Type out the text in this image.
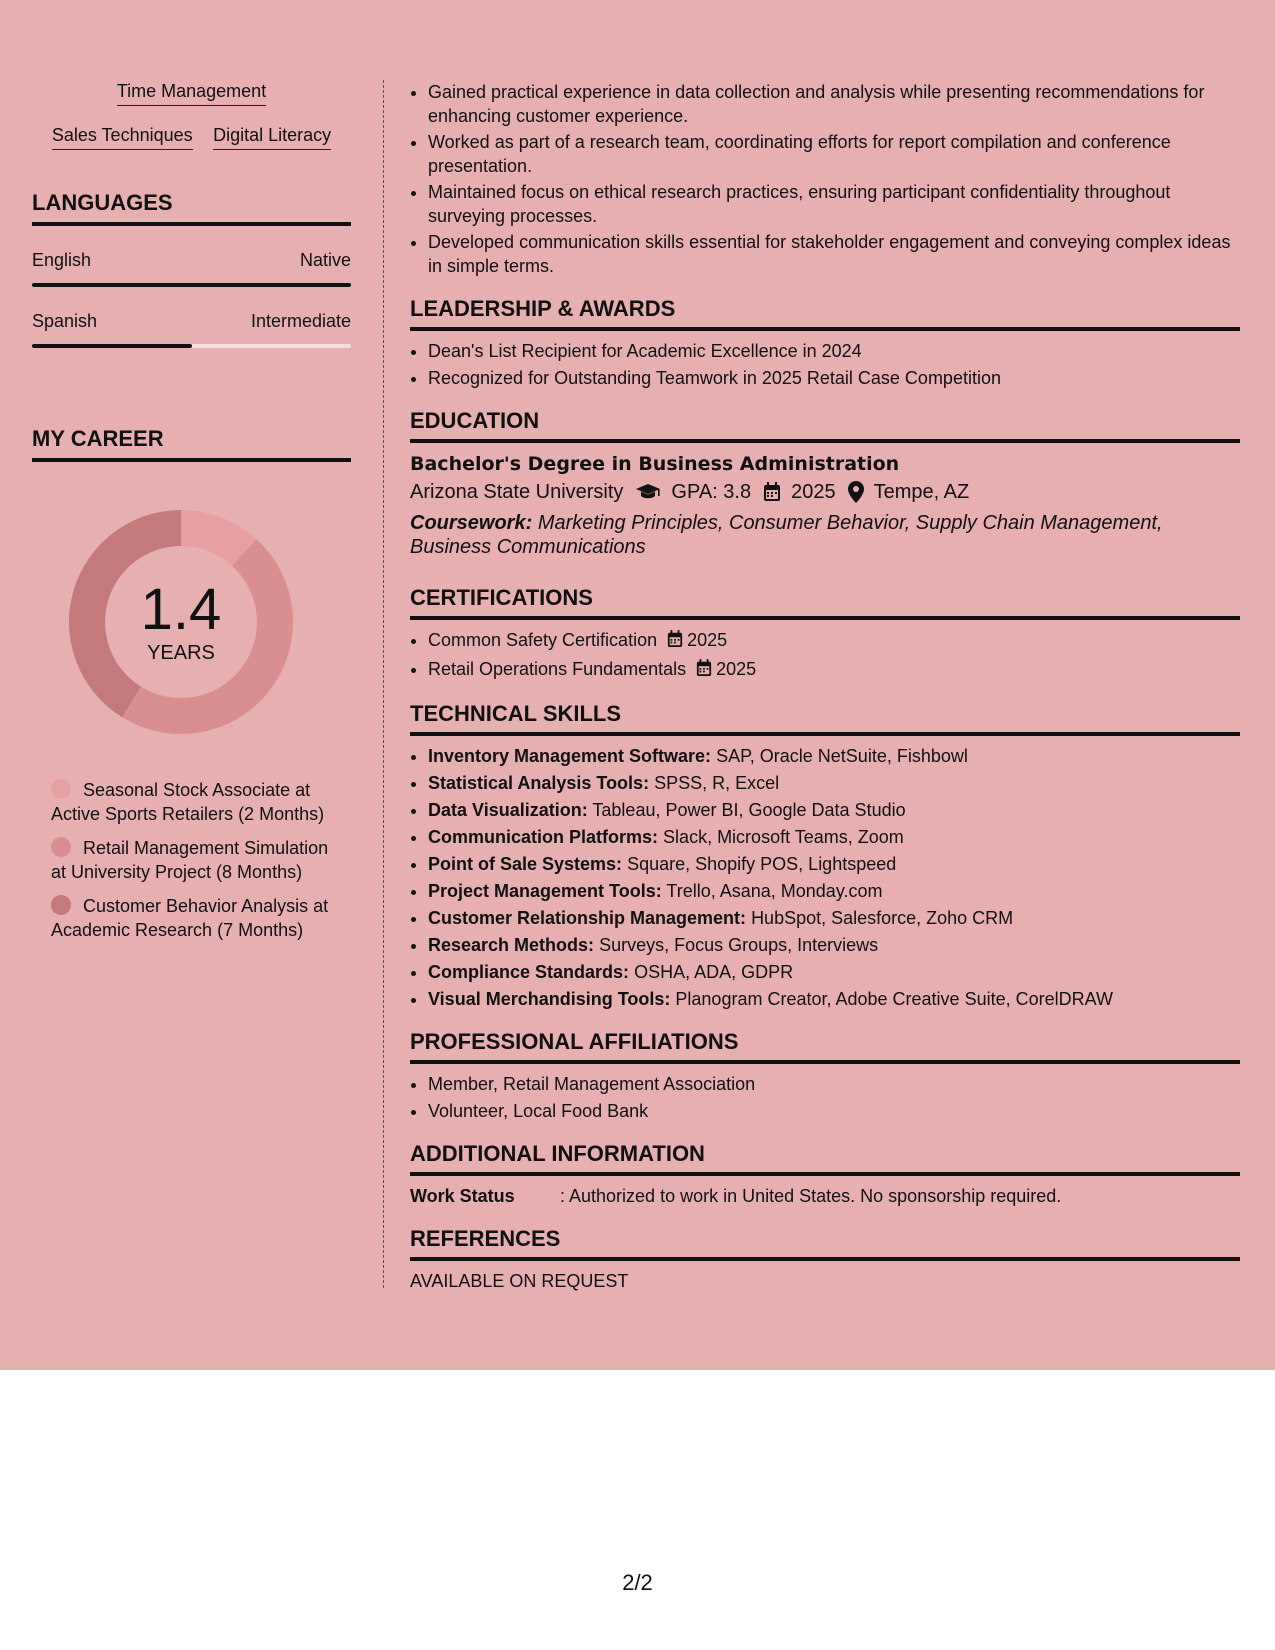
Time Management
Sales Techniques Digital Literacy
LANGUAGES
English	Native
Spanish	Intermediate
MY CAREER
1.4
YEARS
Seasonal Stock Associate at Active Sports Retailers (2 Months)
Retail Management Simulation at University Project (8 Months)
Customer Behavior Analysis at Academic Research (7 Months)
• Gained practical experience in data collection and analysis while presenting recommendations for enhancing customer experience.
• Worked as part of a research team, coordinating efforts for report compilation and conference presentation.
• Maintained focus on ethical research practices, ensuring participant confidentiality throughout surveying processes.
• Developed communication skills essential for stakeholder engagement and conveying complex ideas in simple terms.
LEADERSHIP & AWARDS
• Dean's List Recipient for Academic Excellence in 2024
• Recognized for Outstanding Teamwork in 2025 Retail Case Competition
EDUCATION
Bachelor's Degree in Business Administration
Arizona State University GPA: 3.8 2025 Tempe, AZ
Coursework: Marketing Principles, Consumer Behavior, Supply Chain Management, Business Communications
CERTIFICATIONS
• Common Safety Certification 2025
• Retail Operations Fundamentals 2025
TECHNICAL SKILLS
• Inventory Management Software: SAP, Oracle NetSuite, Fishbowl
• Statistical Analysis Tools: SPSS, R, Excel
• Data Visualization: Tableau, Power BI, Google Data Studio
• Communication Platforms: Slack, Microsoft Teams, Zoom
• Point of Sale Systems: Square, Shopify POS, Lightspeed
• Project Management Tools: Trello, Asana, Monday.com
• Customer Relationship Management: HubSpot, Salesforce, Zoho CRM
• Research Methods: Surveys, Focus Groups, Interviews
• Compliance Standards: OSHA, ADA, GDPR
• Visual Merchandising Tools: Planogram Creator, Adobe Creative Suite, CorelDRAW
PROFESSIONAL AFFILIATIONS
• Member, Retail Management Association
• Volunteer, Local Food Bank
ADDITIONAL INFORMATION
Work Status	: Authorized to work in United States. No sponsorship required.
REFERENCES
AVAILABLE ON REQUEST
2/2
